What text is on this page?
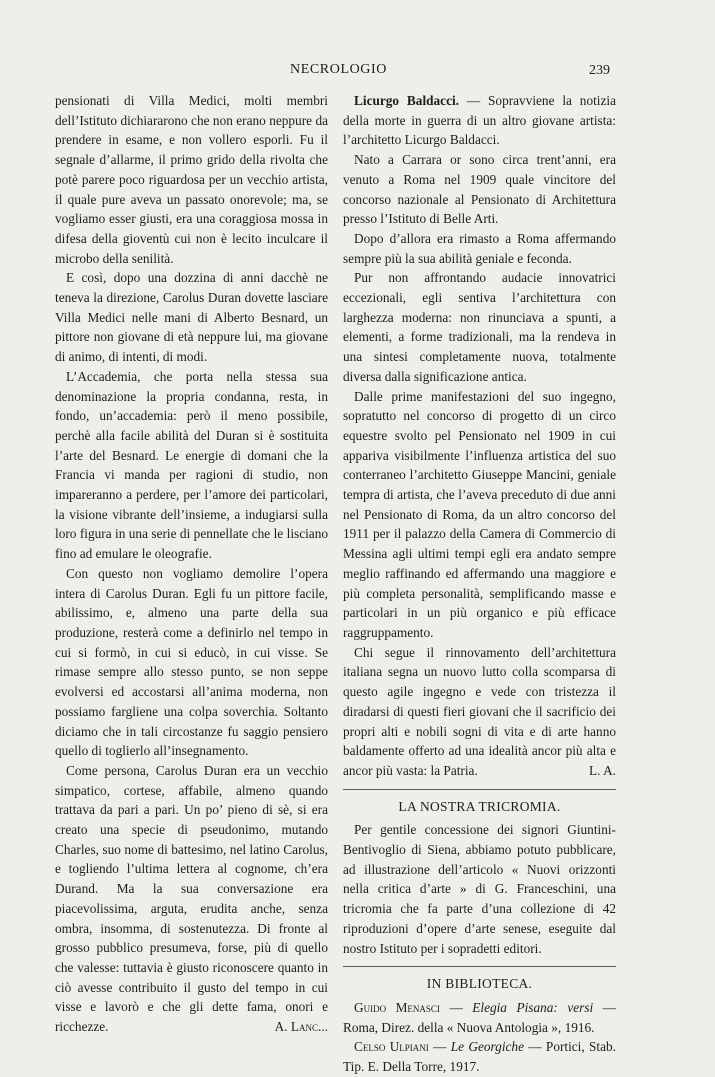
NECROLOGIO	239

pensionati di Villa Medici, molti membri dell’Istituto dichiararono che non erano neppure da prendere in esame, e non vollero esporli. Fu il segnale d’allarme, il primo grido della rivolta che potè parere poco riguardosa per un vecchio artista, il quale pure aveva un passato onorevole; ma, se vogliamo esser giusti, era una coraggiosa mossa in difesa della gioventù cui non è lecito inculcare il microbo della senilità.

E così, dopo una dozzina di anni dacchè ne teneva la direzione, Carolus Duran dovette lasciare Villa Medici nelle mani di Alberto Besnard, un pittore non giovane di età neppure lui, ma giovane di animo, di intenti, di modi.

L’Accademia, che porta nella stessa sua denominazione la propria condanna, resta, in fondo, un’accademia: però il meno possibile, perchè alla facile abilità del Duran si è sostituita l’arte del Besnard. Le energie di domani che la Francia vi manda per ragioni di studio, non impareranno a perdere, per l’amore dei particolari, la visione vibrante dell’insieme, a indugiarsi sulla loro figura in una serie di pennellate che le lisciano fino ad emulare le oleografie.

Con questo non vogliamo demolire l’opera intera di Carolus Duran. Egli fu un pittore facile, abilissimo, e, almeno una parte della sua produzione, resterà come a definirlo nel tempo in cui si formò, in cui si educò, in cui visse. Se rimase sempre allo stesso punto, se non seppe evolversi ed accostarsi all’anima moderna, non possiamo fargliene una colpa soverchia. Soltanto diciamo che in tali circostanze fu saggio pensiero quello di toglierlo all’insegnamento.

Come persona, Carolus Duran era un vecchio simpatico, cortese, affabile, almeno quando trattava da pari a pari. Un po’ pieno di sè, si era creato una specie di pseudonimo, mutando Charles, suo nome di battesimo, nel latino Carolus, e togliendo l’ultima lettera al cognome, ch’era Durand. Ma la sua conversazione era piacevolissima, arguta, erudita anche, senza ombra, insomma, di sostenutezza. Di fronte al grosso pubblico presumeva, forse, più di quello che valesse: tuttavia è giusto riconoscere quanto in ciò avesse contribuito il gusto del tempo in cui visse e lavorò e che gli dette fama, onori e ricchezze.	A. Lanc...

Licurgo Baldacci. — Sopravviene la notizia della morte in guerra di un altro giovane artista: l’architetto Licurgo Baldacci.

Nato a Carrara or sono circa trent’anni, era venuto a Roma nel 1909 quale vincitore del concorso nazionale al Pensionato di Architettura presso l’Istituto di Belle Arti.

Dopo d’allora era rimasto a Roma affermando sempre più la sua abilità geniale e feconda.

Pur non affrontando audacie innovatrici eccezionali, egli sentiva l’architettura con larghezza moderna: non rinunciava a spunti, a elementi, a forme tradizionali, ma la rendeva in una sintesi completamente nuova, totalmente diversa dalla significazione antica.

Dalle prime manifestazioni del suo ingegno, sopratutto nel concorso di progetto di un circo equestre svolto pel Pensionato nel 1909 in cui appariva visibilmente l’influenza artistica del suo conterraneo l’architetto Giuseppe Mancini, geniale tempra di artista, che l’aveva preceduto di due anni nel Pensionato di Roma, da un altro concorso del 1911 per il palazzo della Camera di Commercio di Messina agli ultimi tempi egli era andato sempre meglio raffinando ed affermando una maggiore e più completa personalità, semplificando masse e particolari in un più organico e più efficace raggruppamento.

Chi segue il rinnovamento dell’architettura italiana segna un nuovo lutto colla scomparsa di questo agile ingegno e vede con tristezza il diradarsi di questi fieri giovani che il sacrificio dei propri alti e nobili sogni di vita e di arte hanno baldamente offerto ad una idealità ancor più alta e ancor più vasta: la Patria.	L. A.

LA NOSTRA TRICROMIA.

Per gentile concessione dei signori Giuntini-Bentivoglio di Siena, abbiamo potuto pubblicare, ad illustrazione dell’articolo « Nuovi orizzonti nella critica d’arte » di G. Franceschini, una tricromia che fa parte d’una collezione di 42 riproduzioni d’opere d’arte senese, eseguite dal nostro Istituto per i sopradetti editori.

IN BIBLIOTECA.

Guido Menasci — Elegia Pisana: versi — Roma, Direz. della « Nuova Antologia », 1916.

Celso Ulpiani — Le Georgiche — Portici, Stab. Tip. E. Della Torre, 1917.
